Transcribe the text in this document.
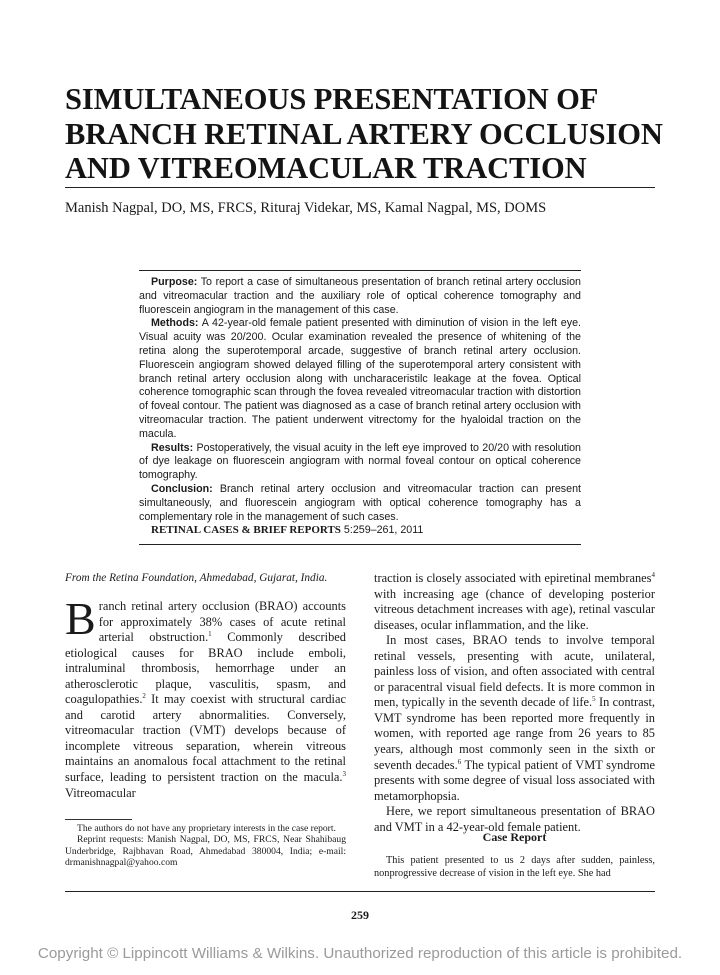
SIMULTANEOUS PRESENTATION OF
BRANCH RETINAL ARTERY OCCLUSION
AND VITREOMACULAR TRACTION
Manish Nagpal, DO, MS, FRCS, Rituraj Videkar, MS, Kamal Nagpal, MS, DOMS

Purpose: To report a case of simultaneous presentation of branch retinal artery occlusion and vitreomacular traction and the auxiliary role of optical coherence tomography and fluorescein angiogram in the management of this case.

Methods: A 42-year-old female patient presented with diminution of vision in the left eye. Visual acuity was 20/200. Ocular examination revealed the presence of whitening of the retina along the superotemporal arcade, suggestive of branch retinal artery occlusion. Fluorescein angiogram showed delayed filling of the superotemporal artery consistent with branch retinal artery occlusion along with uncharaceristilc leakage at the fovea. Optical coherence tomographic scan through the fovea revealed vitreomacular traction with distortion of foveal contour. The patient was diagnosed as a case of branch retinal artery occlusion with vitreomacular traction. The patient underwent vitrectomy for the hyaloidal traction on the macula.

Results: Postoperatively, the visual acuity in the left eye improved to 20/20 with resolution of dye leakage on fluorescein angiogram with normal foveal contour on optical coherence tomography.

Conclusion: Branch retinal artery occlusion and vitreomacular traction can present simultaneously, and fluorescein angiogram with optical coherence tomography has a complementary role in the management of such cases.

RETINAL CASES & BRIEF REPORTS 5:259–261, 2011

From the Retina Foundation, Ahmedabad, Gujarat, India.

Branch retinal artery occlusion (BRAO) accounts for approximately 38% cases of acute retinal arterial obstruction.$^1$ Commonly described etiological causes for BRAO include emboli, intraluminal thrombosis, hemorrhage under an atherosclerotic plaque, vasculitis, spasm, and coagulopathies.$^2$ It may coexist with structural cardiac and carotid artery abnormalities. Conversely, vitreomacular traction (VMT) develops because of incomplete vitreous separation, wherein vitreous maintains an anomalous focal attachment to the retinal surface, leading to persistent traction on the macula.$^3$ Vitreomacular

traction is closely associated with epiretinal membranes$^4$ with increasing age (chance of developing posterior vitreous detachment increases with age), retinal vascular diseases, ocular inflammation, and the like.

In most cases, BRAO tends to involve temporal retinal vessels, presenting with acute, unilateral, painless loss of vision, and often associated with central or paracentral visual field defects. It is more common in men, typically in the seventh decade of life.$^5$ In contrast, VMT syndrome has been reported more frequently in women, with reported age range from 26 years to 85 years, although most commonly seen in the sixth or seventh decades.$^6$ The typical patient of VMT syndrome presents with some degree of visual loss associated with metamorphopsia.

Here, we report simultaneous presentation of BRAO and VMT in a 42-year-old female patient.

Case Report

This patient presented to us 2 days after sudden, painless, nonprogressive decrease of vision in the left eye. She had

The authors do not have any proprietary interests in the case report.

Reprint requests: Manish Nagpal, DO, MS, FRCS, Near Shahibaug Underbridge, Rajbhavan Road, Ahmedabad 380004, India; e-mail: drmanishnagpal@yahoo.com

259
Copyright © Lippincott Williams & Wilkins. Unauthorized reproduction of this article is prohibited.
